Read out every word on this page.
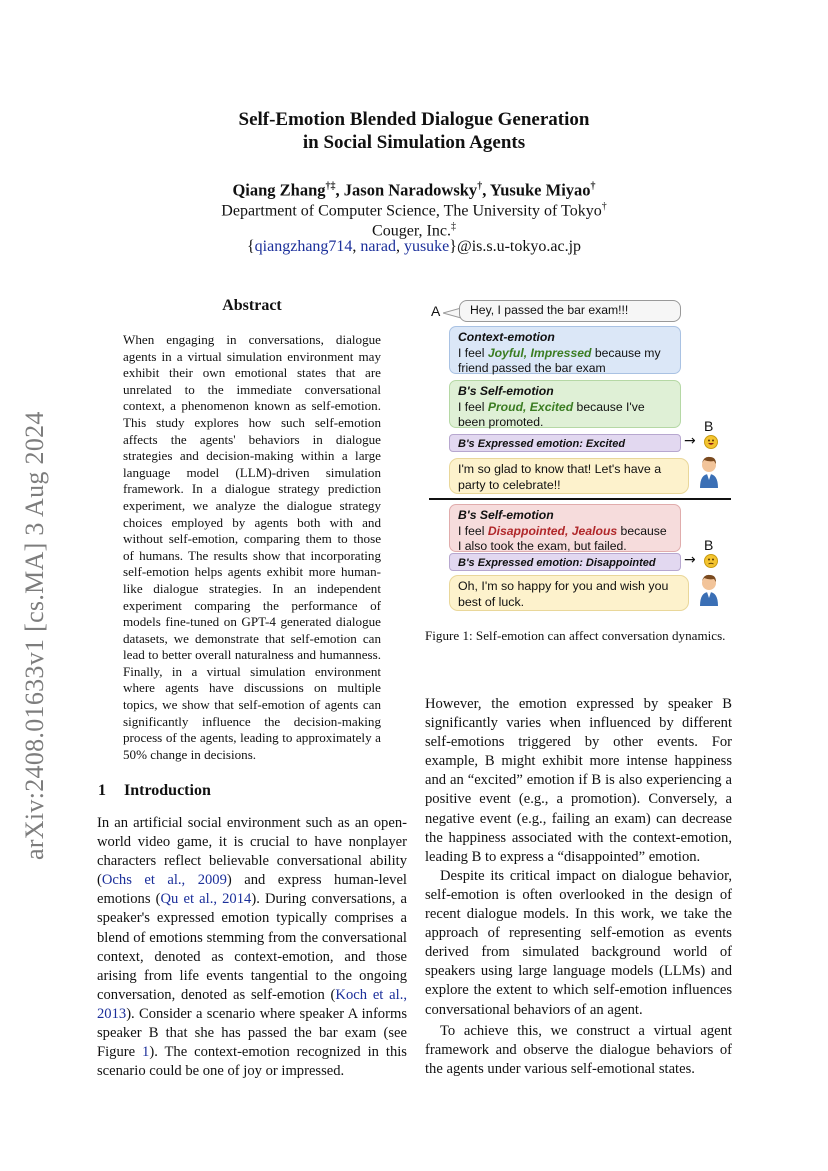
arXiv:2408.01633v1 [cs.MA] 3 Aug 2024
Self-Emotion Blended Dialogue Generation
in Social Simulation Agents
Qiang Zhang†‡, Jason Naradowsky†, Yusuke Miyao†
Department of Computer Science, The University of Tokyo†
Couger, Inc.‡
{qiangzhang714, narad, yusuke}@is.s.u-tokyo.ac.jp
Abstract
When engaging in conversations, dialogue agents in a virtual simulation environment may exhibit their own emotional states that are unrelated to the immediate conversational context, a phenomenon known as self-emotion. This study explores how such self-emotion affects the agents' behaviors in dialogue strategies and decision-making within a large language model (LLM)-driven simulation framework. In a dialogue strategy prediction experiment, we analyze the dialogue strategy choices employed by agents both with and without self-emotion, comparing them to those of humans. The results show that incorporating self-emotion helps agents exhibit more human-like dialogue strategies. In an independent experiment comparing the performance of models fine-tuned on GPT-4 generated dialogue datasets, we demonstrate that self-emotion can lead to better overall naturalness and humanness. Finally, in a virtual simulation environment where agents have discussions on multiple topics, we show that self-emotion of agents can significantly influence the decision-making process of the agents, leading to approximately a 50% change in decisions.
1 Introduction

In an artificial social environment such as an open-world video game, it is crucial to have nonplayer characters reflect believable conversational ability (Ochs et al., 2009) and express human-level emotions (Qu et al., 2014). During conversations, a speaker's expressed emotion typically comprises a blend of emotions stemming from the conversational context, denoted as context-emotion, and those arising from life events tangential to the ongoing conversation, denoted as self-emotion (Koch et al., 2013). Consider a scenario where speaker A informs speaker B that she has passed the bar exam (see Figure 1). The context-emotion recognized in this scenario could be one of joy or impressed.

A	Hey, I passed the bar exam!!!
Context-emotion
I feel Joyful, Impressed because my friend passed the bar exam
B's Self-emotion
I feel Proud, Excited because I've been promoted.
B's Expressed emotion: Excited	→
B
I'm so glad to know that! Let's have a party to celebrate!!
B's Self-emotion
I feel Disappointed, Jealous because I also took the exam, but failed.
B's Expressed emotion: Disappointed	→
B
Oh, I'm so happy for you and wish you best of luck.
Figure 1: Self-emotion can affect conversation dynamics.

However, the emotion expressed by speaker B significantly varies when influenced by different self-emotions triggered by other events. For example, B might exhibit more intense happiness and an “excited” emotion if B is also experiencing a positive event (e.g., a promotion). Conversely, a negative event (e.g., failing an exam) can decrease the happiness associated with the context-emotion, leading B to express a “disappointed” emotion.

Despite its critical impact on dialogue behavior, self-emotion is often overlooked in the design of recent dialogue models. In this work, we take the approach of representing self-emotion as events derived from simulated background world of speakers using large language models (LLMs) and explore the extent to which self-emotion influences conversational behaviors of an agent.

To achieve this, we construct a virtual agent framework and observe the dialogue behaviors of the agents under various self-emotional states.
